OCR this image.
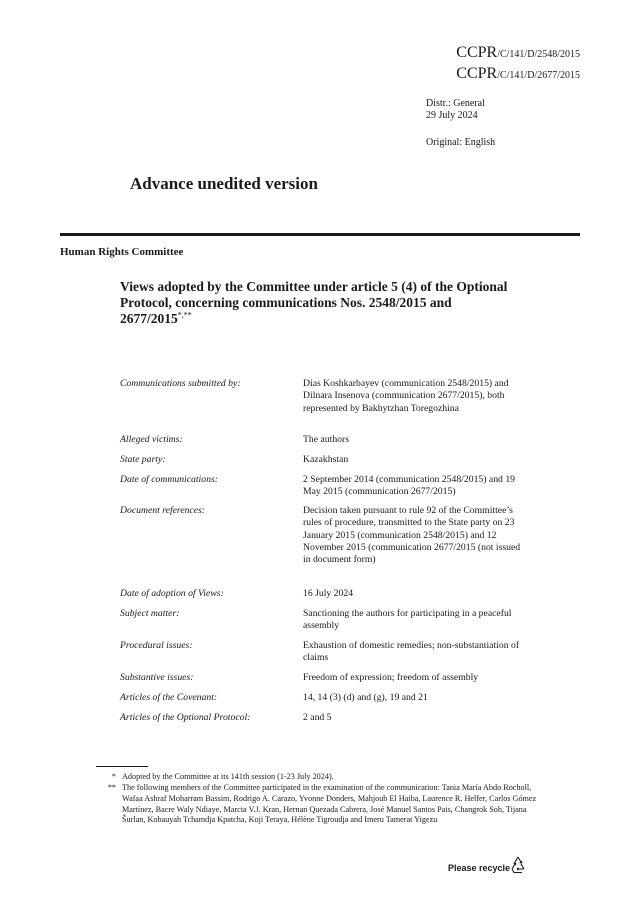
CCPR/C/141/D/2548/2015
CCPR/C/141/D/2677/2015
Distr.: General
29 July 2024
Original: English
Advance unedited version
Human Rights Committee
Views adopted by the Committee under article 5 (4) of the Optional Protocol, concerning communications Nos. 2548/2015 and 2677/2015*,**
Communications submitted by:	Dias Koshkarbayev (communication 2548/2015) and Dilnara Insenova (communication 2677/2015), both represented by Bakhytzhan Toregozhina
Alleged victims:	The authors
State party:	Kazakhstan
Date of communications:	2 September 2014 (communication 2548/2015) and 19 May 2015 (communication 2677/2015)
Document references:	Decision taken pursuant to rule 92 of the Committee’s rules of procedure, transmitted to the State party on 23 January 2015 (communication 2548/2015) and 12 November 2015 (communication 2677/2015 (not issued in document form)
Date of adoption of Views:	16 July 2024
Subject matter:	Sanctioning the authors for participating in a peaceful assembly
Procedural issues:	Exhaustion of domestic remedies; non-substantiation of claims
Substantive issues:	Freedom of expression; freedom of assembly
Articles of the Covenant:	14, 14 (3) (d) and (g), 19 and 21
Articles of the Optional Protocol:	2 and 5
* Adopted by the Committee at its 141th session (1-23 July 2024).
** The following members of the Committee participated in the examination of the communication: Tania María Abdo Rocholl, Wafaa Ashraf Moharram Bassim, Rodrigo A. Carazo, Yvonne Donders, Mahjoub El Haiba, Laurence R. Helfer, Carlos Gómez Martínez, Bacre Waly Ndiaye, Marcia V.J. Kran, Hernan Quezada Cabrera, José Manuel Santos Pais, Changrok Soh, Tijana Šurlan, Kobauyah Tchamdja Kpatcha, Koji Teraya, Hélène Tigroudja and Imeru Tamerat Yigezu
Please recycle
